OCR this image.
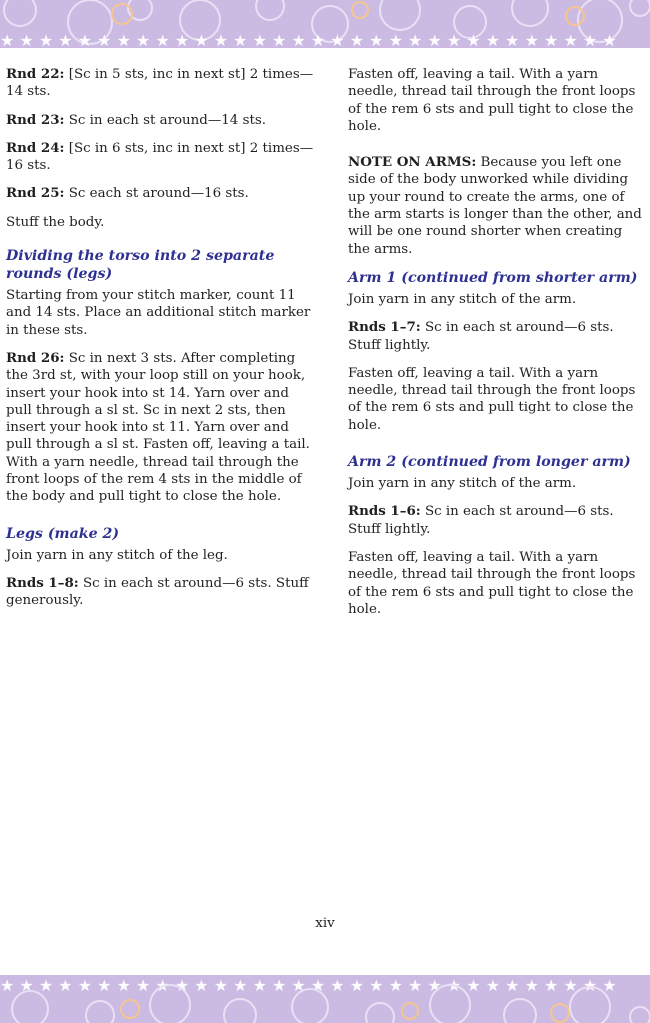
★ ★ ★ ★ ★ ★ ★ ★ ★ ★ ★ ★ ★ ★ ★ ★ ★ ★ ★ ★ ★ ★ ★ ★ ★ ★ ★ ★ ★ ★ ★ ★

Rnd 22: [Sc in 5 sts, inc in next st] 2 times—14 sts.

Rnd 23: Sc in each st around—14 sts.

Rnd 24: [Sc in 6 sts, inc in next st] 2 times—16 sts.

Rnd 25: Sc each st around—16 sts.

Stuff the body.

Dividing the torso into 2 separate rounds (legs)

Starting from your stitch marker, count 11 and 14 sts. Place an additional stitch marker in these sts.

Rnd 26: Sc in next 3 sts. After completing the 3rd st, with your loop still on your hook, insert your hook into st 14. Yarn over and pull through a sl st. Sc in next 2 sts, then insert your hook into st 11. Yarn over and pull through a sl st. Fasten off, leaving a tail. With a yarn needle, thread tail through the front loops of the rem 4 sts in the middle of the body and pull tight to close the hole.

Legs (make 2)

Join yarn in any stitch of the leg.

Rnds 1–8: Sc in each st around—6 sts. Stuff generously.

Fasten off, leaving a tail. With a yarn needle, thread tail through the front loops of the rem 6 sts and pull tight to close the hole.

NOTE ON ARMS: Because you left one side of the body unworked while dividing up your round to create the arms, one of the arm starts is longer than the other, and will be one round shorter when creating the arms.

Arm 1 (continued from shorter arm)

Join yarn in any stitch of the arm.

Rnds 1–7: Sc in each st around—6 sts. Stuff lightly.

Fasten off, leaving a tail. With a yarn needle, thread tail through the front loops of the rem 6 sts and pull tight to close the hole.

Arm 2 (continued from longer arm)

Join yarn in any stitch of the arm.

Rnds 1–6: Sc in each st around—6 sts. Stuff lightly.

Fasten off, leaving a tail. With a yarn needle, thread tail through the front loops of the rem 6 sts and pull tight to close the hole.

xiv
★ ★ ★ ★ ★ ★ ★ ★ ★ ★ ★ ★ ★ ★ ★ ★ ★ ★ ★ ★ ★ ★ ★ ★ ★ ★ ★ ★ ★ ★ ★ ★
